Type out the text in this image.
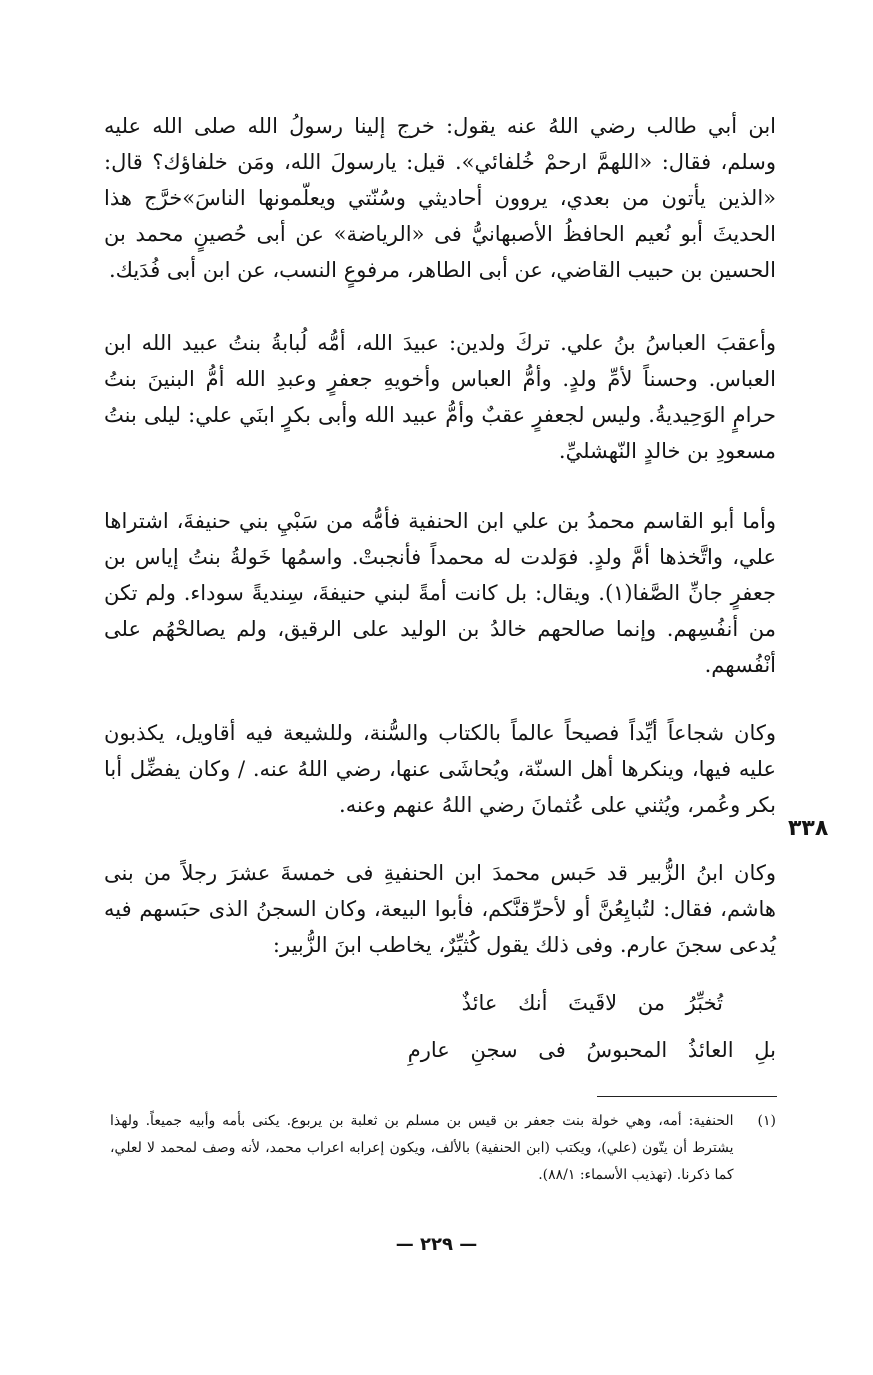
ابن أبي طالب رضي اللهُ عنه يقول: خرج إلينا رسولُ الله صلى الله عليه وسلم، فقال: «اللهمَّ ارحمْ خُلفائي». قيل: يارسولَ الله، ومَن خلفاؤك؟ قال: «الذين يأتون من بعدي، يروون أحاديثي وسُنّتي ويعلّمونها الناسَ»خرَّج هذا الحديثَ أبو نُعيم الحافظُ الأصبهانيُّ فى «الرياضة» عن أبى حُصينٍ محمد بن الحسين بن حبيب القاضي، عن أبى الطاهر، مرفوعٍ النسب، عن ابن أبى فُدَيك.

وأعقبَ العباسُ بنُ علي. تركَ ولدين: عبيدَ الله، أمُّه لُبابةُ بنتُ عبيد الله ابن العباس. وحسناً لأمِّ ولدٍ. وأمُّ العباس وأخويهِ جعفرٍ وعبدِ الله أمُّ البنينَ بنتُ حرامٍ الوَحِيديةُ. وليس لجعفرٍ عقبٌ وأمُّ عبيد الله وأبى بكرٍ ابنَي علي: ليلى بنتُ مسعودِ بن خالدٍ النّهشليِّ.

وأما أبو القاسم محمدُ بن علي ابن الحنفية فأمُّه من سَبْيِ بني حنيفةَ، اشتراها علي، واتَّخذها أمَّ ولدٍ. فوَلدت له محمداً فأنجبتْ. واسمُها خَولةُ بنتُ إياس بن جعفرٍ جانِّ الصَّفا(١). ويقال: بل كانت أمةً لبني حنيفةَ، سِنديةً سوداء. ولم تكن من أنفُسِهم. وإنما صالحهم خالدُ بن الوليد على الرقيق، ولم يصالحْهُم على أنْفُسهم.

وكان شجاعاً أيِّداً فصيحاً عالماً بالكتاب والسُّنة، وللشيعة فيه أقاويل، يكذبون عليه فيها، وينكرها أهل السنّة، ويُحاشَى عنها، رضي اللهُ عنه. / وكان يفضِّل أبا بكر وعُمر، ويُثني على عُثمانَ رضي اللهُ عنهم وعنه.

٣٣٨

وكان ابنُ الزُّبير قد حَبس محمدَ ابن الحنفيةِ فى خمسةَ عشرَ رجلاً من بنى هاشم، فقال: لتُبايِعُنَّ أو لأحرِّقنَّكم، فأبوا البيعة، وكان السجنُ الذى حبَسهم فيه يُدعى سجنَ عارم. وفى ذلك يقول كُثيِّرٌ، يخاطب ابنَ الزُّبير:

تُخبِّرُ من لاقَيتَ أنك عائذٌ
بلِ العائذُ المحبوسُ فى سجنِ عارمِ
(١)
الحنفية: أمه، وهي خولة بنت جعفر بن قيس بن مسلم بن ثعلبة بن يربوع. يكنى بأمه وأبيه جميعاً. ولهذا يشترط أن يتّون (علي)، ويكتب (ابن الحنفية) بالألف، ويكون إعرابه اعراب محمد، لأنه وصف لمحمد لا لعلي، كما ذكرنا. (تهذيب الأسماء: ٨٨/١).
— ٢٢٩ —
